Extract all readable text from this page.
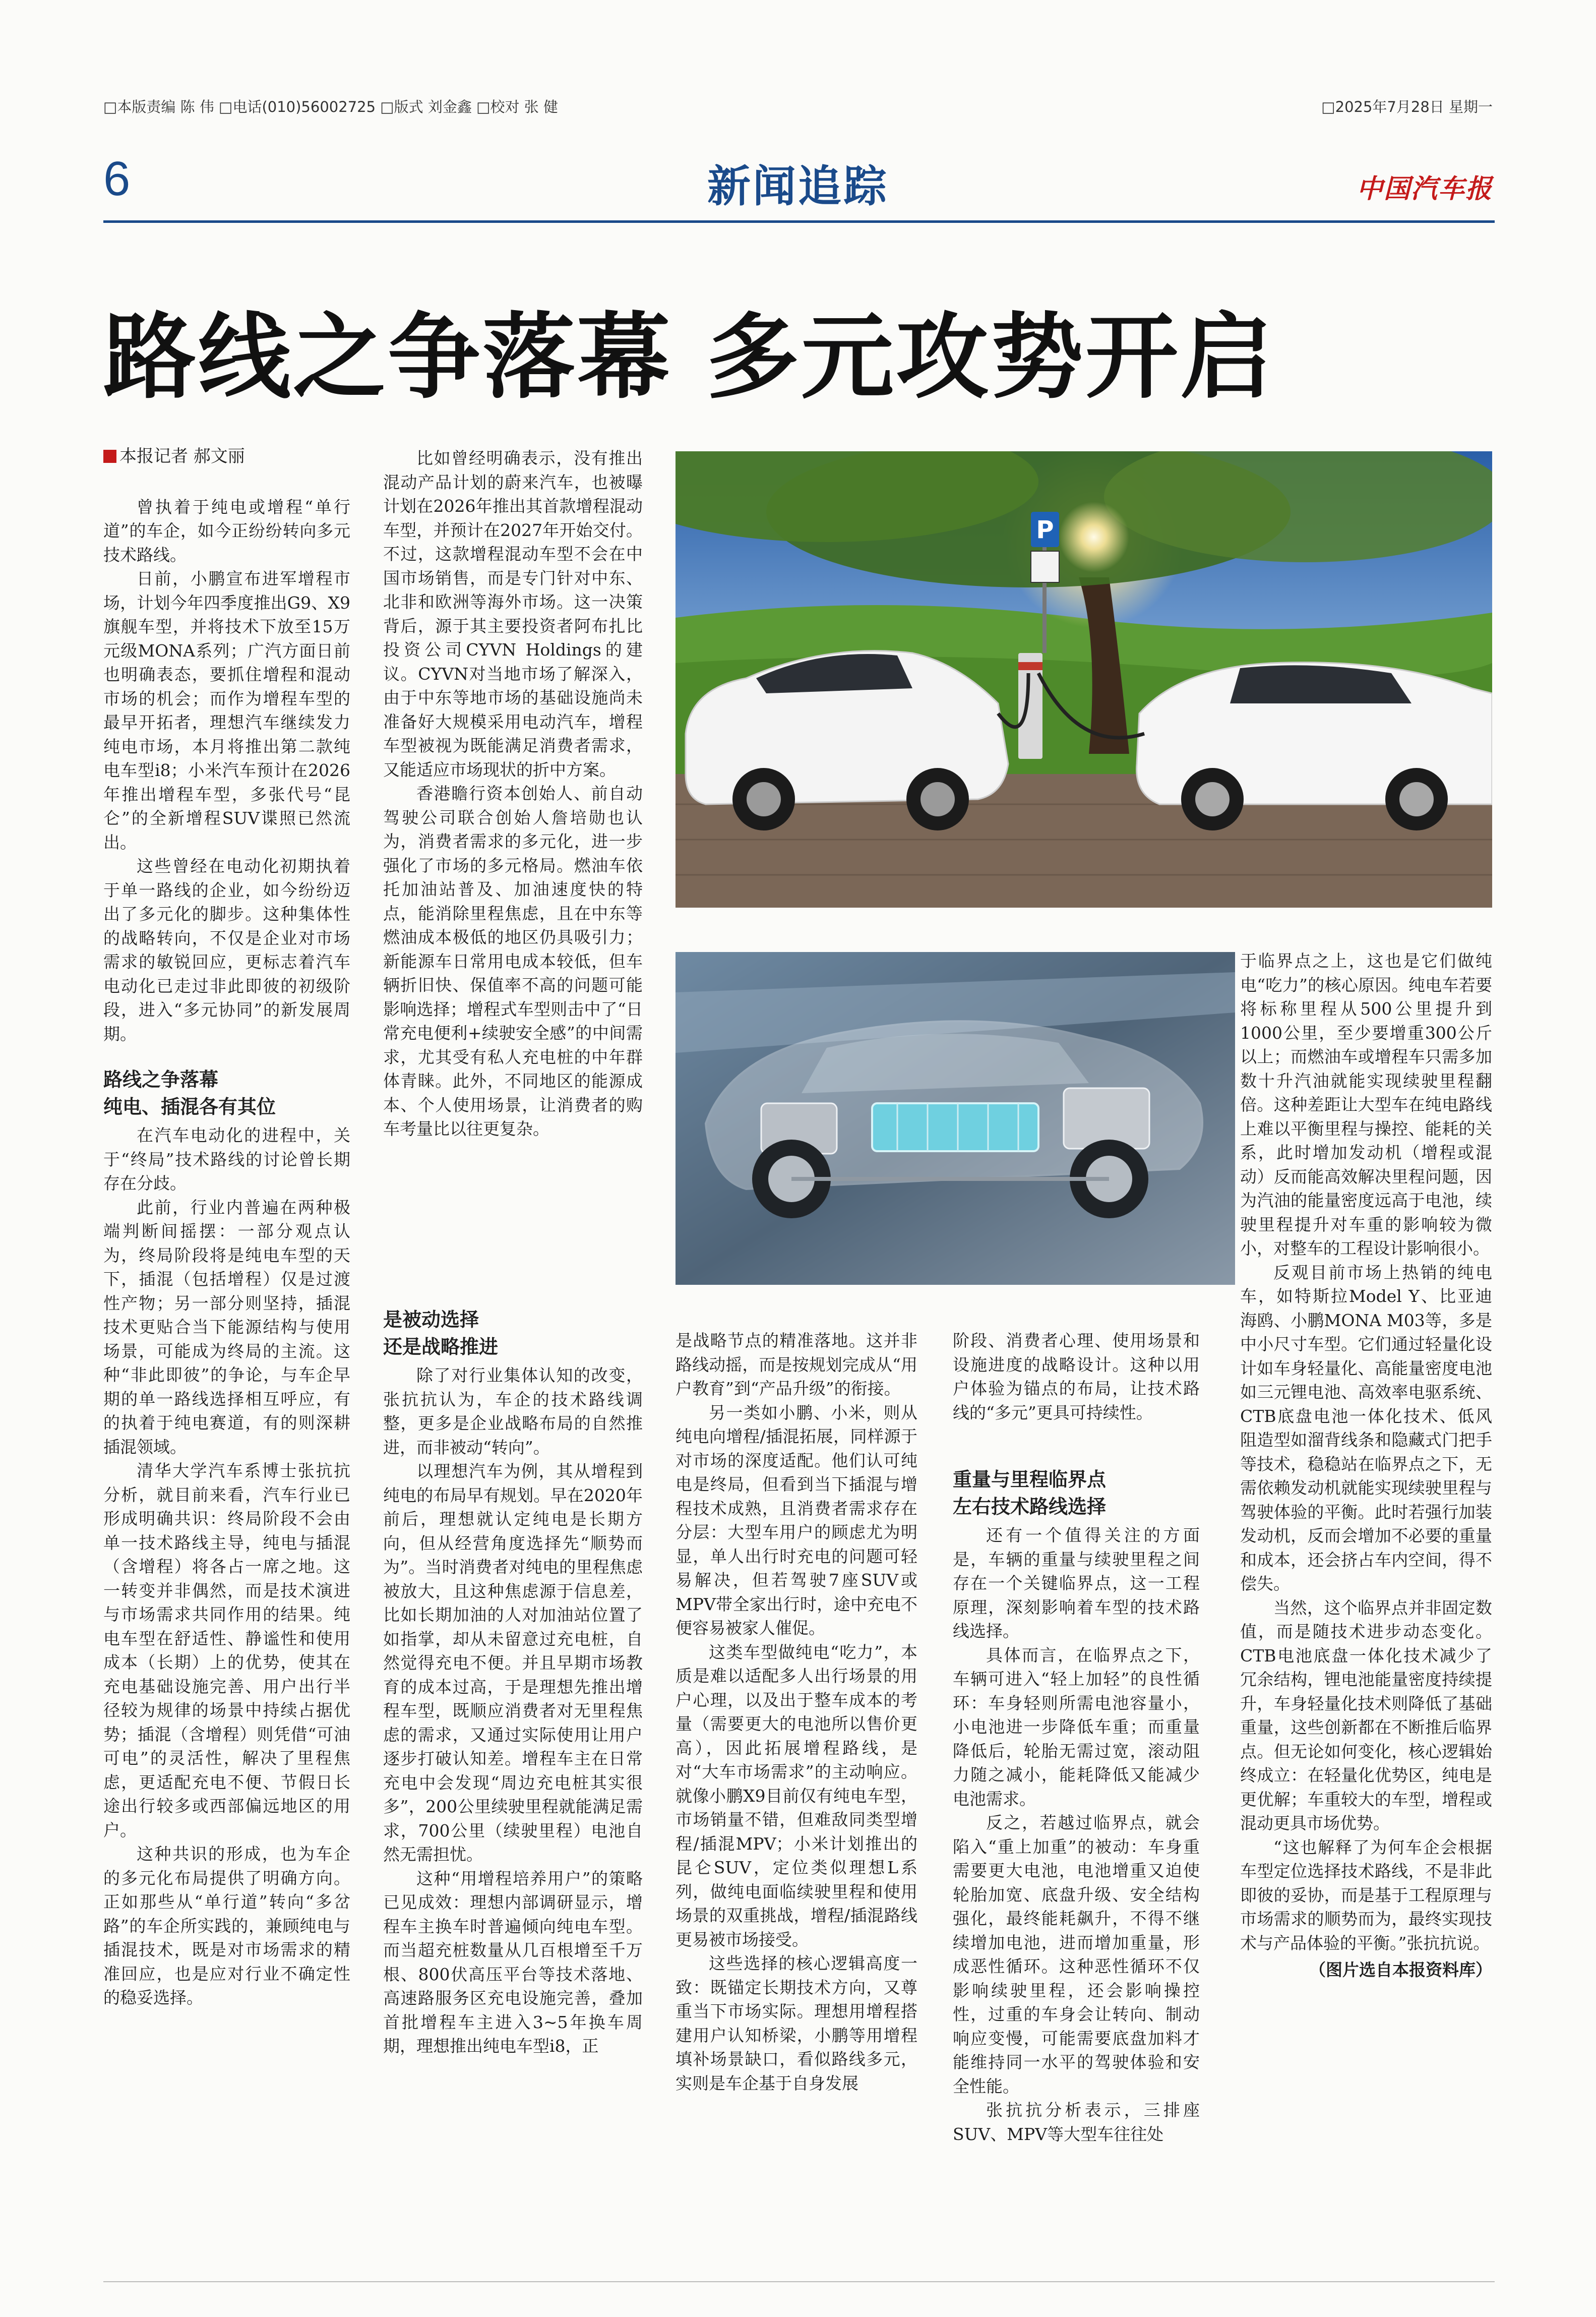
□本版责编 陈 伟 □电话(010)56002725 □版式 刘金鑫 □校对 张 健	□2025年7月28日 星期一
6	新闻追踪	中国汽车报
路线之争落幕 多元攻势开启
本报记者 郝文丽

曾执着于纯电或增程“单行道”的车企，如今正纷纷转向多元技术路线。

日前，小鹏宣布进军增程市场，计划今年四季度推出G9、X9旗舰车型，并将技术下放至15万元级MONA系列；广汽方面日前也明确表态，要抓住增程和混动市场的机会；而作为增程车型的最早开拓者，理想汽车继续发力纯电市场，本月将推出第二款纯电车型i8；小米汽车预计在2026年推出增程车型，多张代号“昆仑”的全新增程SUV谍照已然流出。

这些曾经在电动化初期执着于单一路线的企业，如今纷纷迈出了多元化的脚步。这种集体性的战略转向，不仅是企业对市场需求的敏锐回应，更标志着汽车电动化已走过非此即彼的初级阶段，进入“多元协同”的新发展周期。

路线之争落幕
纯电、插混各有其位

在汽车电动化的进程中，关于“终局”技术路线的讨论曾长期存在分歧。

此前，行业内普遍在两种极端判断间摇摆：一部分观点认为，终局阶段将是纯电车型的天下，插混（包括增程）仅是过渡性产物；另一部分则坚持，插混技术更贴合当下能源结构与使用场景，可能成为终局的主流。这种“非此即彼”的争论，与车企早期的单一路线选择相互呼应，有的执着于纯电赛道，有的则深耕插混领域。

清华大学汽车系博士张抗抗分析，就目前来看，汽车行业已形成明确共识：终局阶段不会由单一技术路线主导，纯电与插混（含增程）将各占一席之地。这一转变并非偶然，而是技术演进与市场需求共同作用的结果。纯电车型在舒适性、静谧性和使用成本（长期）上的优势，使其在充电基础设施完善、用户出行半径较为规律的场景中持续占据优势；插混（含增程）则凭借“可油可电”的灵活性，解决了里程焦虑，更适配充电不便、节假日长途出行较多或西部偏远地区的用户。

这种共识的形成，也为车企的多元化布局提供了明确方向。正如那些从“单行道”转向“多岔路”的车企所实践的，兼顾纯电与插混技术，既是对市场需求的精准回应，也是应对行业不确定性的稳妥选择。

比如曾经明确表示，没有推出混动产品计划的蔚来汽车，也被曝计划在2026年推出其首款增程混动车型，并预计在2027年开始交付。不过，这款增程混动车型不会在中国市场销售，而是专门针对中东、北非和欧洲等海外市场。这一决策背后，源于其主要投资者阿布扎比投资公司CYVN Holdings的建议。CYVN对当地市场了解深入，由于中东等地市场的基础设施尚未准备好大规模采用电动汽车，增程车型被视为既能满足消费者需求，又能适应市场现状的折中方案。

香港瞻行资本创始人、前自动驾驶公司联合创始人詹培勋也认为，消费者需求的多元化，进一步强化了市场的多元格局。燃油车依托加油站普及、加油速度快的特点，能消除里程焦虑，且在中东等燃油成本极低的地区仍具吸引力；新能源车日常用电成本较低，但车辆折旧快、保值率不高的问题可能影响选择；增程式车型则击中了“日常充电便利+续驶安全感”的中间需求，尤其受有私人充电桩的中年群体青睐。此外，不同地区的能源成本、个人使用场景，让消费者的购车考量比以往更复杂。

是被动选择
还是战略推进

除了对行业集体认知的改变，张抗抗认为，车企的技术路线调整，更多是企业战略布局的自然推进，而非被动“转向”。

以理想汽车为例，其从增程到纯电的布局早有规划。早在2020年前后，理想就认定纯电是长期方向，但从经营角度选择先“顺势而为”。当时消费者对纯电的里程焦虑被放大，且这种焦虑源于信息差，比如长期加油的人对加油站位置了如指掌，却从未留意过充电桩，自然觉得充电不便。并且早期市场教育的成本过高，于是理想先推出增程车型，既顺应消费者对无里程焦虑的需求，又通过实际使用让用户逐步打破认知差。增程车主在日常充电中会发现“周边充电桩其实很多”，200公里续驶里程就能满足需求，700公里（续驶里程）电池自然无需担忧。

这种“用增程培养用户”的策略已见成效：理想内部调研显示，增程车主换车时普遍倾向纯电车型。而当超充桩数量从几百根增至千万根、800伏高压平台等技术落地、高速路服务区充电设施完善，叠加首批增程车主进入3~5年换车周期，理想推出纯电车型i8，正

P

是战略节点的精准落地。这并非路线动摇，而是按规划完成从“用户教育”到“产品升级”的衔接。

另一类如小鹏、小米，则从纯电向增程/插混拓展，同样源于对市场的深度适配。他们认可纯电是终局，但看到当下插混与增程技术成熟，且消费者需求存在分层：大型车用户的顾虑尤为明显，单人出行时充电的问题可轻易解决，但若驾驶7座SUV或MPV带全家出行时，途中充电不便容易被家人催促。

这类车型做纯电“吃力”，本质是难以适配多人出行场景的用户心理，以及出于整车成本的考量（需要更大的电池所以售价更高），因此拓展增程路线，是对“大车市场需求”的主动响应。就像小鹏X9目前仅有纯电车型，市场销量不错，但难敌同类型增程/插混MPV；小米计划推出的昆仑SUV，定位类似理想L系列，做纯电面临续驶里程和使用场景的双重挑战，增程/插混路线更易被市场接受。

这些选择的核心逻辑高度一致：既锚定长期技术方向，又尊重当下市场实际。理想用增程搭建用户认知桥梁，小鹏等用增程填补场景缺口，看似路线多元，实则是车企基于自身发展

阶段、消费者心理、使用场景和设施进度的战略设计。这种以用户体验为锚点的布局，让技术路线的“多元”更具可持续性。

重量与里程临界点
左右技术路线选择

还有一个值得关注的方面是，车辆的重量与续驶里程之间存在一个关键临界点，这一工程原理，深刻影响着车型的技术路线选择。

具体而言，在临界点之下，车辆可进入“轻上加轻”的良性循环：车身轻则所需电池容量小，小电池进一步降低车重；而重量降低后，轮胎无需过宽，滚动阻力随之减小，能耗降低又能减少电池需求。

反之，若越过临界点，就会陷入“重上加重”的被动：车身重需要更大电池，电池增重又迫使轮胎加宽、底盘升级、安全结构强化，最终能耗飙升，不得不继续增加电池，进而增加重量，形成恶性循环。这种恶性循环不仅影响续驶里程，还会影响操控性，过重的车身会让转向、制动响应变慢，可能需要底盘加料才能维持同一水平的驾驶体验和安全性能。

张抗抗分析表示，三排座SUV、MPV等大型车往往处

于临界点之上，这也是它们做纯电“吃力”的核心原因。纯电车若要将标称里程从500公里提升到1000公里，至少要增重300公斤以上；而燃油车或增程车只需多加数十升汽油就能实现续驶里程翻倍。这种差距让大型车在纯电路线上难以平衡里程与操控、能耗的关系，此时增加发动机（增程或混动）反而能高效解决里程问题，因为汽油的能量密度远高于电池，续驶里程提升对车重的影响较为微小，对整车的工程设计影响很小。

反观目前市场上热销的纯电车，如特斯拉Model Y、比亚迪海鸥、小鹏MONA M03等，多是中小尺寸车型。它们通过轻量化设计如车身轻量化、高能量密度电池如三元锂电池、高效率电驱系统、CTB底盘电池一体化技术、低风阻造型如溜背线条和隐藏式门把手等技术，稳稳站在临界点之下，无需依赖发动机就能实现续驶里程与驾驶体验的平衡。此时若强行加装发动机，反而会增加不必要的重量和成本，还会挤占车内空间，得不偿失。

当然，这个临界点并非固定数值，而是随技术进步动态变化。CTB电池底盘一体化技术减少了冗余结构，锂电池能量密度持续提升，车身轻量化技术则降低了基础重量，这些创新都在不断推后临界点。但无论如何变化，核心逻辑始终成立：在轻量化优势区，纯电是更优解；车重较大的车型，增程或混动更具市场优势。

“这也解释了为何车企会根据车型定位选择技术路线，不是非此即彼的妥协，而是基于工程原理与市场需求的顺势而为，最终实现技术与产品体验的平衡。”张抗抗说。

（图片选自本报资料库）
